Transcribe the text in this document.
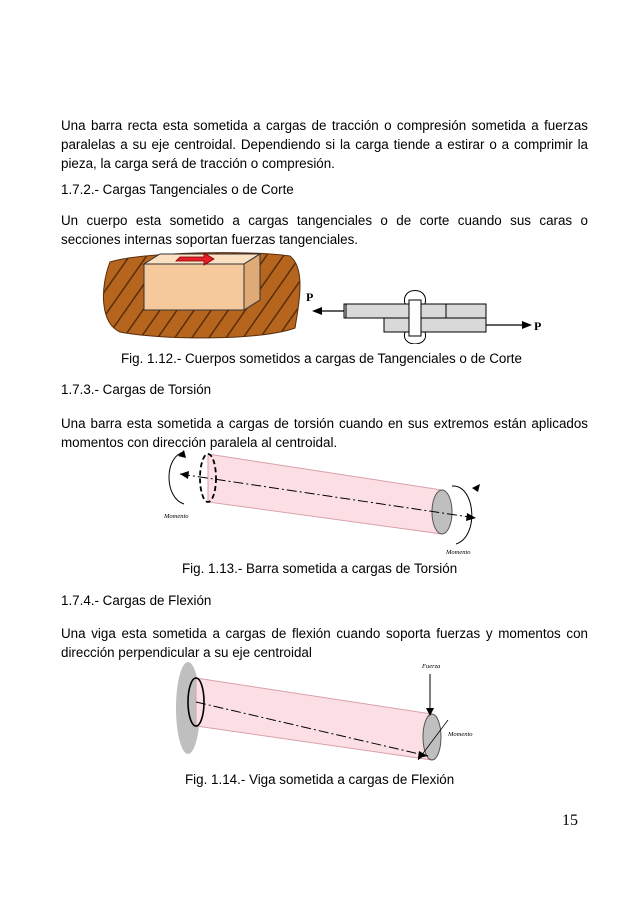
Una barra recta esta sometida a cargas de tracción o compresión sometida a fuerzas paralelas a su eje centroidal. Dependiendo si la carga tiende a estirar o a comprimir la pieza, la carga será de tracción o compresión.
1.7.2.- Cargas Tangenciales o de Corte
Un cuerpo esta sometido a cargas tangenciales o de corte cuando sus caras o secciones internas soportan fuerzas tangenciales.
P
P
Fig. 1.12.- Cuerpos sometidos a cargas de Tangenciales o de Corte
1.7.3.- Cargas de Torsión
Una barra esta sometida a cargas de torsión cuando en sus extremos están aplicados momentos con dirección paralela al centroidal.
Momento
Momento
Fig. 1.13.- Barra sometida a cargas de Torsión
1.7.4.- Cargas de Flexión
Una viga esta sometida a cargas de flexión cuando soporta fuerzas y momentos con dirección perpendicular a su eje centroidal
Fuerza
Momento
Fig. 1.14.- Viga sometida a cargas de Flexión
15
